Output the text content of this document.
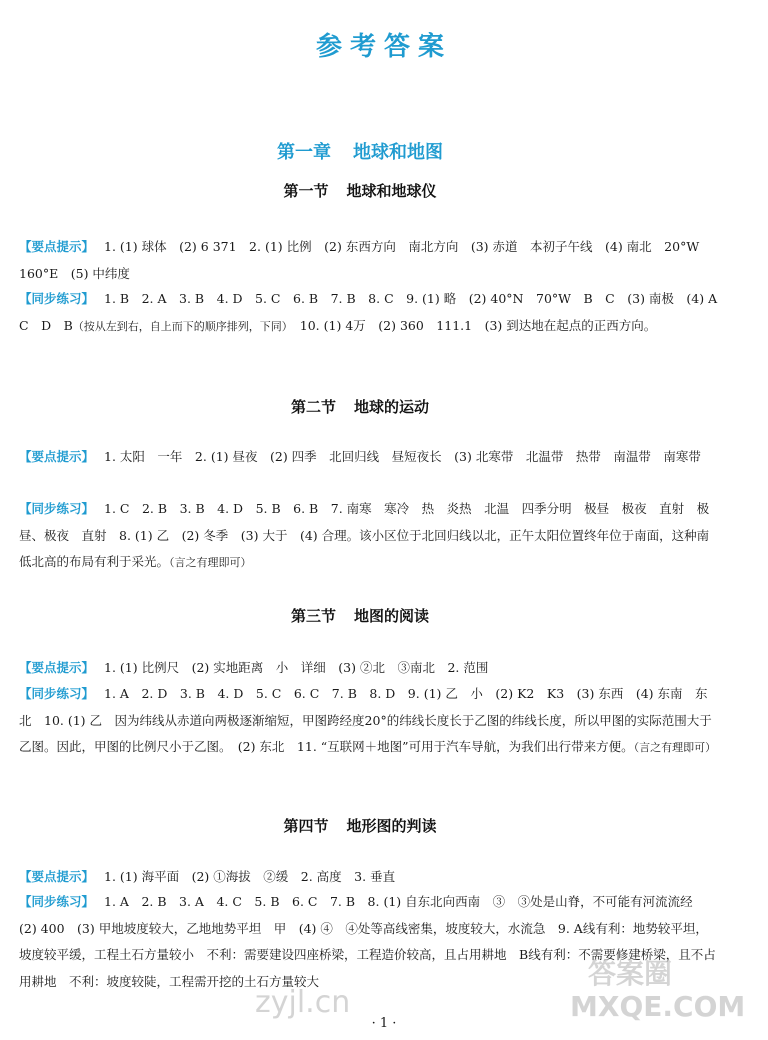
参考答案
第一章 地球和地图
第一节 地球和地球仪
【要点提示】 1. (1) 球体　(2) 6 371　2. (1) 比例　(2) 东西方向　南北方向　(3) 赤道　本初子午线　(4) 南北　20°W　160°E　(5) 中纬度
【同步练习】 1. B　2. A　3. B　4. D　5. C　6. B　7. B　8. C　9. (1) 略　(2) 40°N　70°W　B　C　(3) 南极　(4) A　C　D　B（按从左到右，自上而下的顺序排列，下同）　10. (1) 4万　(2) 360　111.1　(3) 到达地在起点的正西方向。
第二节 地球的运动
【要点提示】 1. 太阳　一年　2. (1) 昼夜　(2) 四季　北回归线　昼短夜长　(3) 北寒带　北温带　热带　南温带　南寒带
【同步练习】 1. C　2. B　3. B　4. D　5. B　6. B　7. 南寒　寒冷　热　炎热　北温　四季分明　极昼　极夜　直射　极昼、极夜　直射　8. (1) 乙　(2) 冬季　(3) 大于　(4) 合理。该小区位于北回归线以北，正午太阳位置终年位于南面，这种南低北高的布局有利于采光。（言之有理即可）
第三节 地图的阅读
【要点提示】 1. (1) 比例尺　(2) 实地距离　小　详细　(3) ②北　③南北　2. 范围
【同步练习】 1. A　2. D　3. B　4. D　5. C　6. C　7. B　8. D　9. (1) 乙　小　(2) K2　K3　(3) 东西　(4) 东南　东北　10. (1) 乙　因为纬线从赤道向两极逐渐缩短，甲图跨经度20°的纬线长度长于乙图的纬线长度，所以甲图的实际范围大于乙图。因此，甲图的比例尺小于乙图。　(2) 东北　11. “互联网＋地图”可用于汽车导航，为我们出行带来方便。（言之有理即可）
第四节 地形图的判读
【要点提示】 1. (1) 海平面　(2) ①海拔　②缓　2. 高度　3. 垂直
【同步练习】 1. A　2. B　3. A　4. C　5. B　6. C　7. B　8. (1) 自东北向西南　③　③处是山脊，不可能有河流流经　(2) 400　(3) 甲地坡度较大，乙地地势平坦　甲　(4) ④　④处等高线密集，坡度较大，水流急　9. A线有利：地势较平坦，坡度较平缓，工程土石方量较小　不利：需要建设四座桥梁，工程造价较高，且占用耕地　B线有利：不需要修建桥梁，且不占用耕地　不利：坡度较陡，工程需开挖的土石方量较大
zyjl.cn
答案圈
MXQE.COM
· 1 ·
